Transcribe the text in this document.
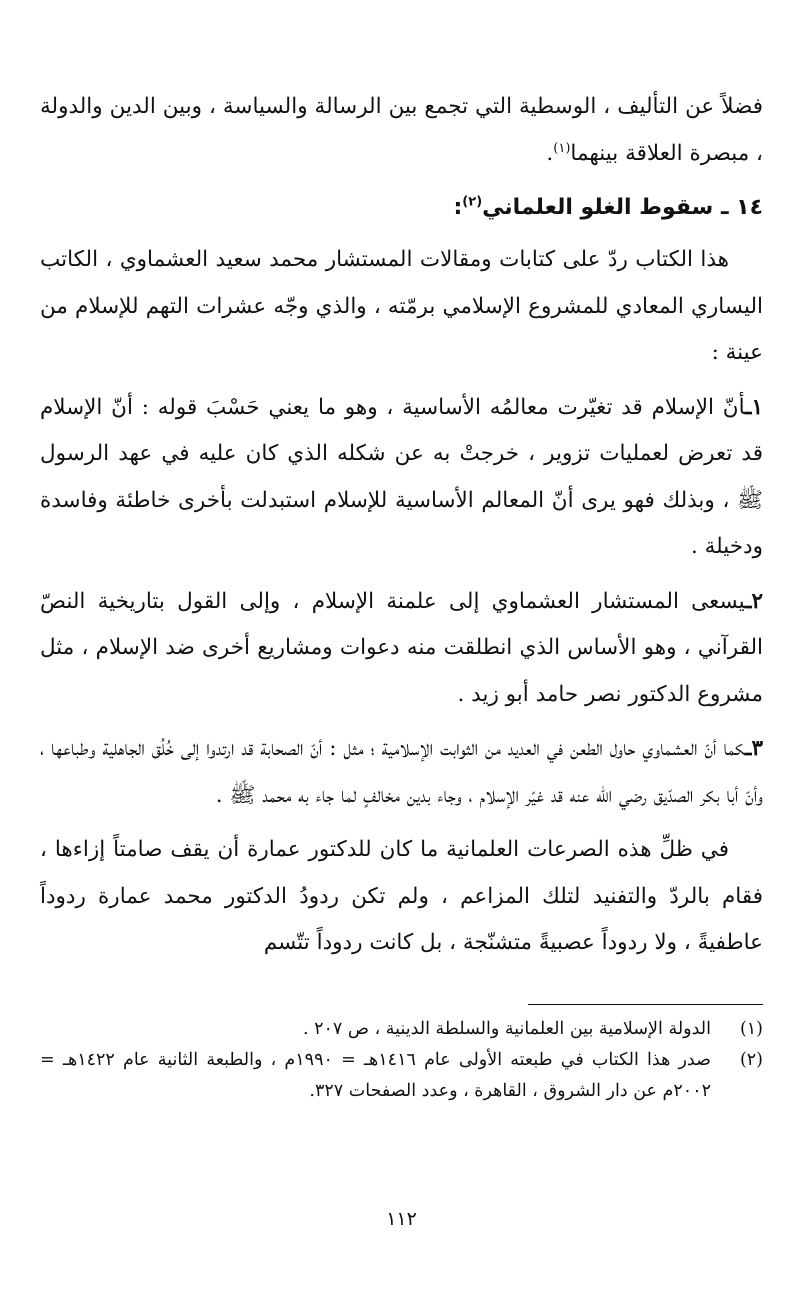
فضلاً عن التأليف ، الوسطية التي تجمع بين الرسالة والسياسة ، وبين الدين والدولة ، مبصرة العلاقة بينهما$^{(١)}$.

١٤ ـ سقوط الغلو العلماني$^{(٢)}$:

هذا الكتاب ردّ على كتابات ومقالات المستشار محمد سعيد العشماوي ، الكاتب اليساري المعادي للمشروع الإسلامي برمّته ، والذي وجّه عشرات التهم للإسلام من عينة :

١ـأنّ الإسلام قد تغيّرت معالمُه الأساسية ، وهو ما يعني حَسْبَ قوله : أنّ الإسلام قد تعرض لعمليات تزوير ، خرجتْ به عن شكله الذي كان عليه في عهد الرسول ﷺ ، وبذلك فهو يرى أنّ المعالم الأساسية للإسلام استبدلت بأخرى خاطئة وفاسدة ودخيلة .

٢ـيسعى المستشار العشماوي إلى علمنة الإسلام ، وإلى القول بتاريخية النصّ القرآني ، وهو الأساس الذي انطلقت منه دعوات ومشاريع أخرى ضد الإسلام ، مثل مشروع الدكتور نصر حامد أبو زيد .

٣ـكما أنّ العشماوي حاول الطعن في العديد من الثوابت الإسلامية ؛ مثل : أنّ الصحابة قد ارتدوا إلى خُلُق الجاهلية وطباعها ، وأنّ أبا بكر الصدّيق رضي الله عنه قد غيّر الإسلام ، وجاء بدين مخالفٍ لما جاء به محمد ﷺ .

في ظلِّ هذه الصرعات العلمانية ما كان للدكتور عمارة أن يقف صامتاً إزاءها ، فقام بالردّ والتفنيد لتلك المزاعم ، ولم تكن ردودُ الدكتور محمد عمارة ردوداً عاطفيةً ، ولا ردوداً عصبيةً متشنّجة ، بل كانت ردوداً تتّسم

(١)
الدولة الإسلامية بين العلمانية والسلطة الدينية ، ص ٢٠٧ .
(٢)
صدر هذا الكتاب في طبعته الأولى عام ١٤١٦هـ = ١٩٩٠م ، والطبعة الثانية عام ١٤٢٢هـ = ٢٠٠٢م عن دار الشروق ، القاهرة ، وعدد الصفحات ٣٢٧.
١١٢
